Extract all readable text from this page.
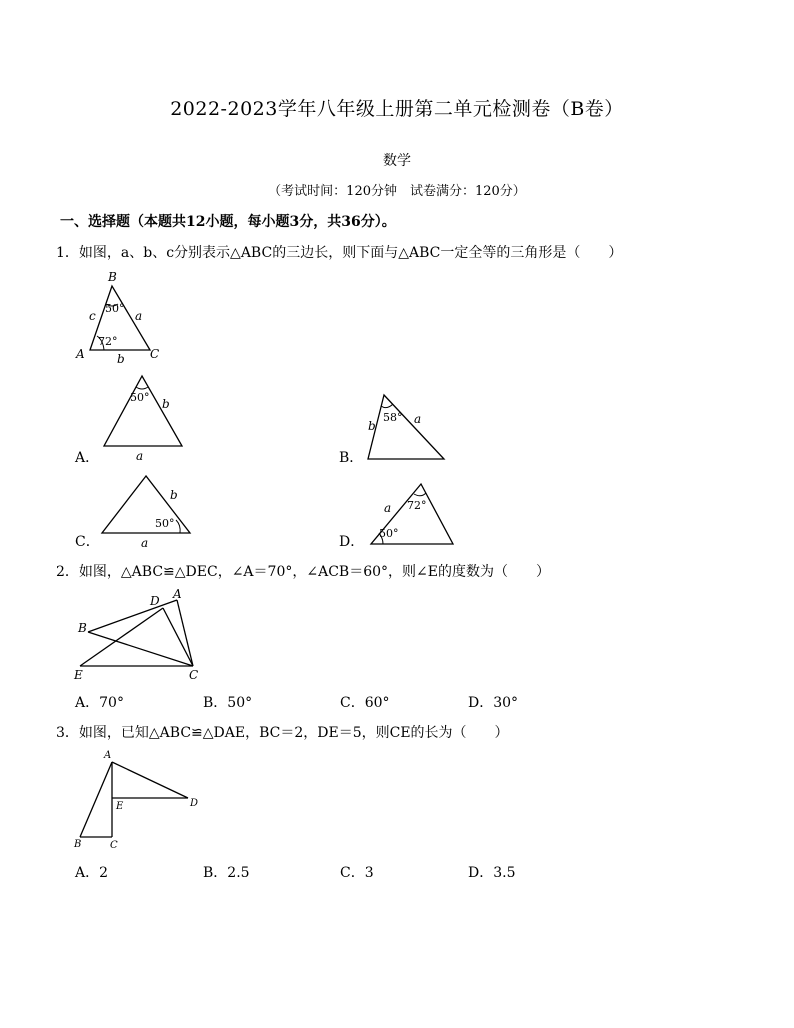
2022-2023学年八年级上册第二单元检测卷（B卷）
数学
（考试时间：120分钟　试卷满分：120分）
一、选择题（本题共12小题，每小题3分，共36分）。
1．如图，a、b、c分别表示△ABC的三边长，则下面与△ABC一定全等的三角形是（　　）
B
A	C
c	a
b
50°
72°
A．
50° b
a	B．
58°
b	a
C．
50°
b
a	D．
72°
50°
a
2．如图，△ABC≌△DEC，∠A＝70°，∠ACB＝60°，则∠E的度数为（　　）
A
D
B
E	C
A．70°	B．50°	C．60°	D．30°
3．如图，已知△ABC≌△DAE，BC＝2，DE＝5，则CE的长为（　　）
A
E	D
B	C
A．2	B．2.5	C．3	D．3.5
